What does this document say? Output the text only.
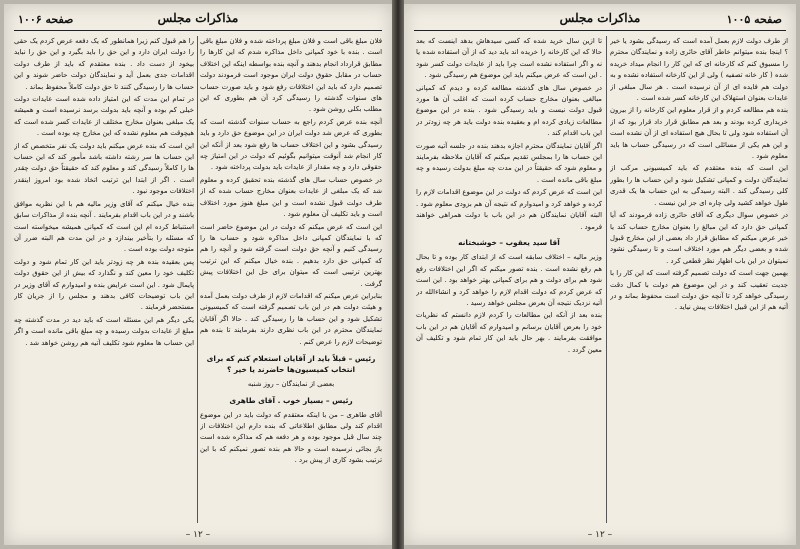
صفحه ۱۰۰۶	مذاکرات مجلس

فلان مبلغ باقی است و فلان مبلغ پرداخته شده و فلان مبلغ باقی است . بنده با خود کمپانی داخل مذاکره شدم که این کارها را مطابق قرارداد انجام بدهند و آنچه بنده بواسطه اینکه این اختلاف حساب در مقابل حقوق دولت ایران موجود است فرمودند دولت تصمیم دارد که باید این اختلافات رفع شود و باید صورت حساب های سنوات گذشته را رسیدگی کرد آن هم بطوری که این مطلب بکلی روشن شود .

آنچه بنده عرض کردم راجع به حساب سنوات گذشته است که بطوری که عرض شد دولت ایران در این موضوع حق دارد و باید رسیدگی بشود و این اختلاف حساب ها رفع شود بعد از آنکه این کار انجام شد آنوقت میتوانیم بگوئیم که دولت در این امتیاز چه حقوقی دارد و چه مقدار از عایدات باید بدولت پرداخته شود .

در خصوص حساب سال های گذشته بنده تحقیق کرده و معلوم شد که یک مبلغی از عایدات بعنوان مخارج حساب شده که از طرف دولت قبول نشده است و این مبلغ هنوز مورد اختلاف است و باید تکلیف آن معلوم شود .

این است که عرض میکنم که دولت در این موضوع حاضر است که با نمایندگان کمپانی داخل مذاکره شود و حساب ها را رسیدگی کنیم و آنچه حق دولت است گرفته شود و آنچه را هم که کمپانی حق دارد بدهیم . بنده خیال میکنم که این ترتیب بهترین ترتیبی است که میتوان برای حل این اختلافات پیش گرفت .

بنابراین عرض میکنم که اقدامات لازم از طرف دولت بعمل آمده و هیئت دولت هم در این باب تصمیم گرفته است که کمیسیونی تشکیل شود و این حساب ها را رسیدگی کند . حالا اگر آقایان نمایندگان محترم در این باب نظری دارند بفرمایند تا بنده هم توضیحات لازم را عرض کنم .

رئیس – قبلاً باید از آقایان استعلام کنم که برای انتخاب کمیسیون‌ها حاضرند یا خیر ؟

بعضی از نمایندگان – روز شنبه

رئیس – بسیار خوب . آقای طاهری

آقای طاهری – من با اینکه معتقدم که دولت باید در این موضوع اقدام کند ولی مطابق اطلاعاتی که بنده دارم این اختلافات از چند سال قبل موجود بوده و هر دفعه هم که مذاکره شده است باز بجائی نرسیده است و حالا هم بنده تصور نمیکنم که با این ترتیب بشود کاری از پیش برد .

را هم قبول کنم زیرا همانطور که یک دفعه عرض کردم یک حقی را دولت ایران دارد و این حق را باید بگیرد و این حق را نباید بیخود از دست داد . بنده معتقدم که باید از طرف دولت اقدامات جدی بعمل آید و نمایندگان دولت حاضر شوند و این حساب ها را رسیدگی کنند تا حق دولت کاملاً محفوظ بماند .

در تمام این مدت که این امتیاز داده شده است عایدات دولت خیلی کم بوده و آنچه باید بدولت برسد نرسیده است و همیشه یک مبلغی بعنوان مخارج مختلف از عایدات کسر شده است که هیچوقت هم معلوم نشده که این مخارج چه بوده است .

این است که بنده عرض میکنم باید دولت یک نفر متخصص که از این حساب ها سر رشته داشته باشد مأمور کند که این حساب ها را کاملاً رسیدگی کند و معلوم کند که حقیقتاً حق دولت چقدر است . اگر از ابتدا این ترتیب اتخاذ شده بود امروز اینقدر اختلافات موجود نبود .

بنده خیال میکنم که آقای وزیر مالیه هم با این نظریه موافق باشند و در این باب اقدام بفرمایند . آنچه بنده از مذاکرات سابق استنباط کرده ام این است که کمپانی همیشه میخواسته است که مسئله را بتأخیر بیندازد و در این مدت هم البته ضرر آن متوجه دولت بوده است .

پس بعقیده بنده هر چه زودتر باید این کار تمام شود و دولت تکلیف خود را معین کند و نگذارد که بیش از این حقوق دولت پایمال شود . این است عرایض بنده و امیدوارم که آقای وزیر در این باب توضیحات کافی بدهند و مجلس را از جریان کار مستحضر فرمایند .

یکی دیگر هم این مسئله است که باید دید در مدت گذشته چه مبلغ از عایدات بدولت رسیده و چه مبلغ باقی مانده است و اگر این حساب ها معلوم شود تکلیف آتیه هم روشن خواهد شد .

– ۱۲ –
صفحه ۱۰۰۵
مذاکرات مجلس

از طرف دولت لازم بعمل آمده است که رسیدگی بشود یا خیر ؟ اینجا بنده میتوانم خاطر آقای حائری زاده و نمایندگان محترم را مسبوق کنم که کارخانه ای که این کار را انجام میداد خریده شده ( کار خانه تصفیه ) ولی از این کارخانه استفاده نشده و به دولت هم فایده ای از آن نرسیده است . هر سال مبلغی از عایدات بعنوان استهلاک این کارخانه کسر شده است .

بنده هم مطالعه کردم و از قرار معلوم این کارخانه را از بیرون خریداری کرده بودند و بعد هم مطابق قرار داد قرار بود که از آن استفاده شود ولی تا بحال هیچ استفاده ای از آن نشده است و این هم یکی از مسائلی است که در رسیدگی حساب ها باید معلوم شود .

این است که بنده معتقدم که باید کمیسیونی مرکب از نمایندگان دولت و کمپانی تشکیل شود و این حساب ها را بطور کلی رسیدگی کند . البته رسیدگی به این حساب ها یک قدری طول خواهد کشید ولی چاره ای جز این نیست .

در خصوص سوال دیگری که آقای حائری زاده فرمودند که آیا کمپانی حق دارد که این مبالغ را بعنوان مخارج حساب کند یا خیر عرض میکنم که مطابق قرار داد بعضی از این مخارج قبول شده و بعضی دیگر هم مورد اختلاف است و تا رسیدگی نشود نمیتوان در این باب اظهار نظر قطعی کرد .

بهمین جهت است که دولت تصمیم گرفته است که این کار را با جدیت تعقیب کند و در این موضوع هم دولت با کمال دقت رسیدگی خواهد کرد تا آنچه حق دولت است محفوظ بماند و در آتیه هم از این قبیل اختلافات پیش نیاید .

تا ازین سال خرید شده که کسی سیدهاش بدهد اینست که بعد حالا که این کارخانه را خریده اند باید دید که از آن استفاده شده یا نه و اگر استفاده نشده است چرا باید از عایدات دولت کسر شود . این است که عرض میکنم باید این موضوع هم رسیدگی شود .

در خصوص سال های گذشته مطالعه کرده و دیدم که کمپانی مبالغی بعنوان مخارج حساب کرده است که اغلب آن ها مورد قبول دولت نیست و باید رسیدگی شود . بنده در این موضوع مطالعات زیادی کرده ام و بعقیده بنده دولت باید هر چه زودتر در این باب اقدام کند .

اگر آقایان نمایندگان محترم اجازه بدهند بنده در جلسه آتیه صورت این حساب ها را بمجلس تقدیم میکنم که آقایان ملاحظه بفرمایند و معلوم شود که حقیقتاً در این مدت چه مبلغ بدولت رسیده و چه مبلغ باقی مانده است .

این است که عرض کردم که دولت در این موضوع اقدامات لازم را کرده و خواهد کرد و امیدوارم که نتیجه آن هم بزودی معلوم شود . البته آقایان نمایندگان هم در این باب با دولت همراهی خواهند فرمود .

آقا سید یعقوب – خوشبختانه

وزیر مالیه – اختلاف سابقه است که از ابتدای کار بوده و تا بحال هم رفع نشده است . بنده تصور میکنم که اگر این اختلافات رفع شود هم برای دولت و هم برای کمپانی بهتر خواهد بود . این است که عرض کردم که دولت اقدام لازم را خواهد کرد و انشاءالله در آتیه نزدیک نتیجه آن بعرض مجلس خواهد رسید .

بنده بعد از آنکه این مطالعات را کردم لازم دانستم که نظریات خود را بعرض آقایان برسانم و امیدوارم که آقایان هم در این باب موافقت بفرمایند . بهر حال باید این کار تمام شود و تکلیف آن معین گردد .

– ۱۲ –
